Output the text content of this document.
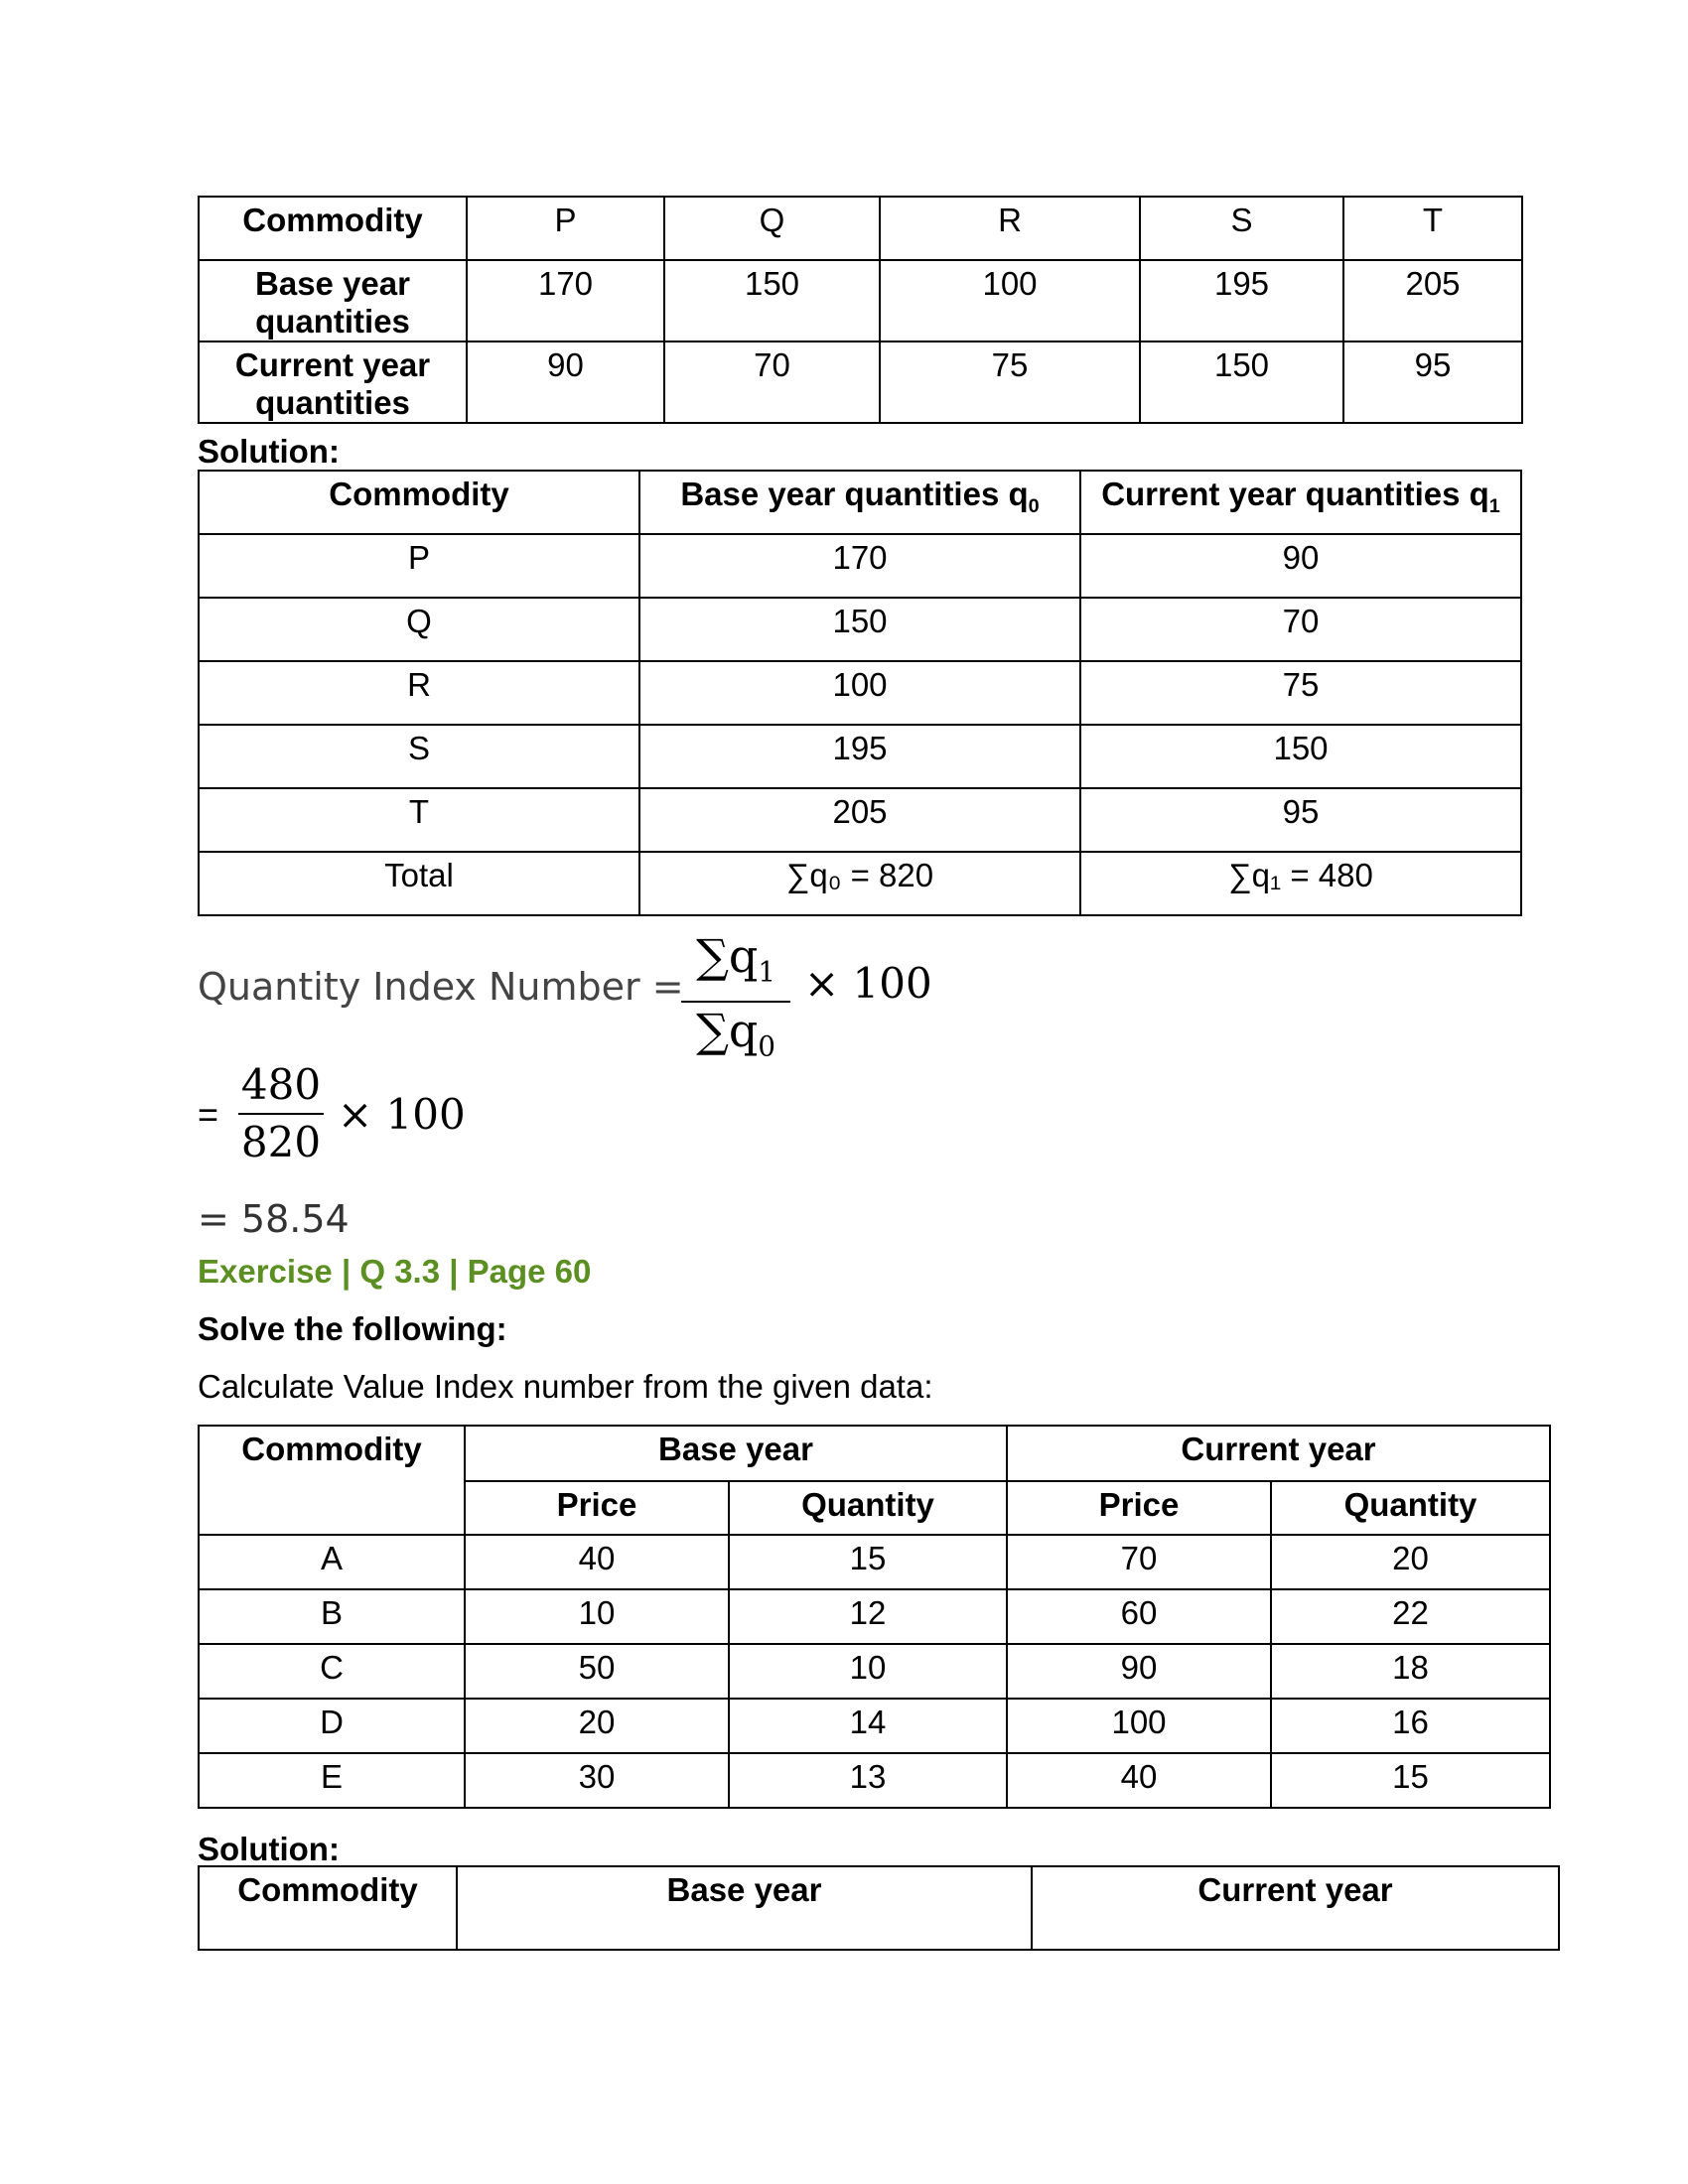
Commodity	P	Q	R	S	T
Base year quantities	170	150	100	195	205
Current year quantities	90	70	75	150	95
Solution:
Commodity	Base year quantities $q_0$	Current year quantities $q_1$
P	170	90
Q	150	70
R	100	75
S	195	150
T	205	95
Total	∑q₀ = 820	∑q₁ = 480
Quantity Index Number =
$\sum q_1$
$\sum q_0$
× 100
=
480
820
× 100
= 58.54
Exercise | Q 3.3 | Page 60
Solve the following:
Calculate Value Index number from the given data:
Commodity	Base year		Current year	
	Price	Quantity	Price	Quantity
A	40	15	70	20
B	10	12	60	22
C	50	10	90	18
D	20	14	100	16
E	30	13	40	15
Solution:
Commodity	Base year	Current year
